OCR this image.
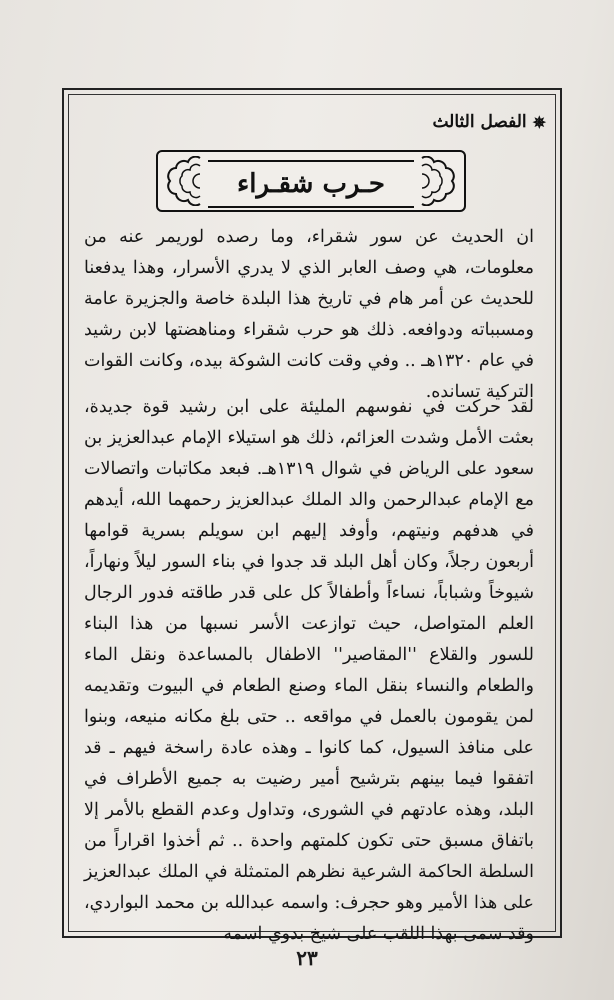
✵
الفصل الثالث
حـرب شقـراء

ان الحديث عن سور شقراء، وما رصده لوريمر عنه من معلومات، هي وصف العابر الذي لا يدري الأسرار، وهذا يدفعنا للحديث عن أمر هام في تاريخ هذا البلدة خاصة والجزيرة عامة ومسبباته ودوافعه. ذلك هو حرب شقراء ومناهضتها لابن رشيد في عام ١٣٢٠هـ .. وفي وقت كانت الشوكة بيده، وكانت القوات التركية تسانده.

لقد حركت في نفوسهم المليئة على ابن رشيد قوة جديدة، بعثت الأمل وشدت العزائم، ذلك هو استيلاء الإمام عبدالعزيز بن سعود على الرياض في شوال ١٣١٩هـ. فبعد مكاتبات واتصالات مع الإمام عبدالرحمن والد الملك عبدالعزيز رحمهما الله، أيدهم في هدفهم ونيتهم، وأوفد إليهم ابن سويلم بسرية قوامها أربعون رجلاً، وكان أهل البلد قد جدوا في بناء السور ليلاً ونهاراً، شيوخاً وشباباً، نساءاً وأطفالاً كل على قدر طاقته فدور الرجال العلم المتواصل، حيث توازعت الأسر نسبها من هذا البناء للسور والقلاع ''المقاصير'' الاطفال بالمساعدة ونقل الماء والطعام والنساء بنقل الماء وصنع الطعام في البيوت وتقديمه لمن يقومون بالعمل في مواقعه .. حتى بلغ مكانه منيعه، وبنوا على منافذ السيول، كما كانوا ـ وهذه عادة راسخة فيهم ـ قد اتفقوا فيما بينهم بترشيح أمير رضيت به جميع الأطراف في البلد، وهذه عادتهم في الشورى، وتداول وعدم القطع بالأمر إلا باتفاق مسبق حتى تكون كلمتهم واحدة .. ثم أخذوا اقراراً من السلطة الحاكمة الشرعية نظرهم المتمثلة في الملك عبدالعزيز على هذا الأمير وهو حجرف: واسمه عبدالله بن محمد البواردي، وقد سمى بهذا اللقب على شيخ بدوي اسمه

٢٣
